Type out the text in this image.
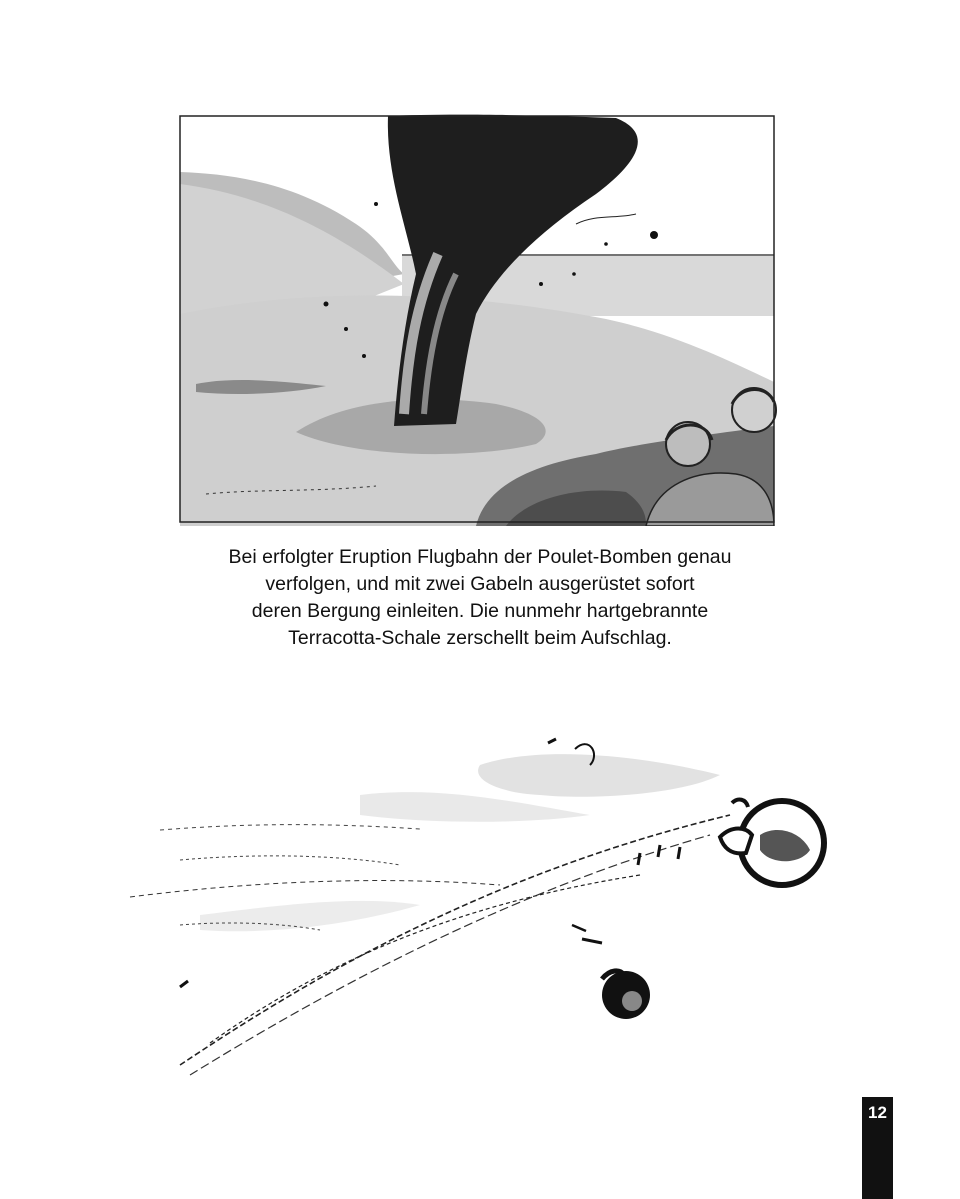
Bei erfolgter Eruption Flugbahn der Poulet-Bomben genau
verfolgen, und mit zwei Gabeln ausgerüstet sofort
deren Bergung einleiten. Die nunmehr hartgebrannte
Terracotta-Schale zerschellt beim Aufschlag.
12
